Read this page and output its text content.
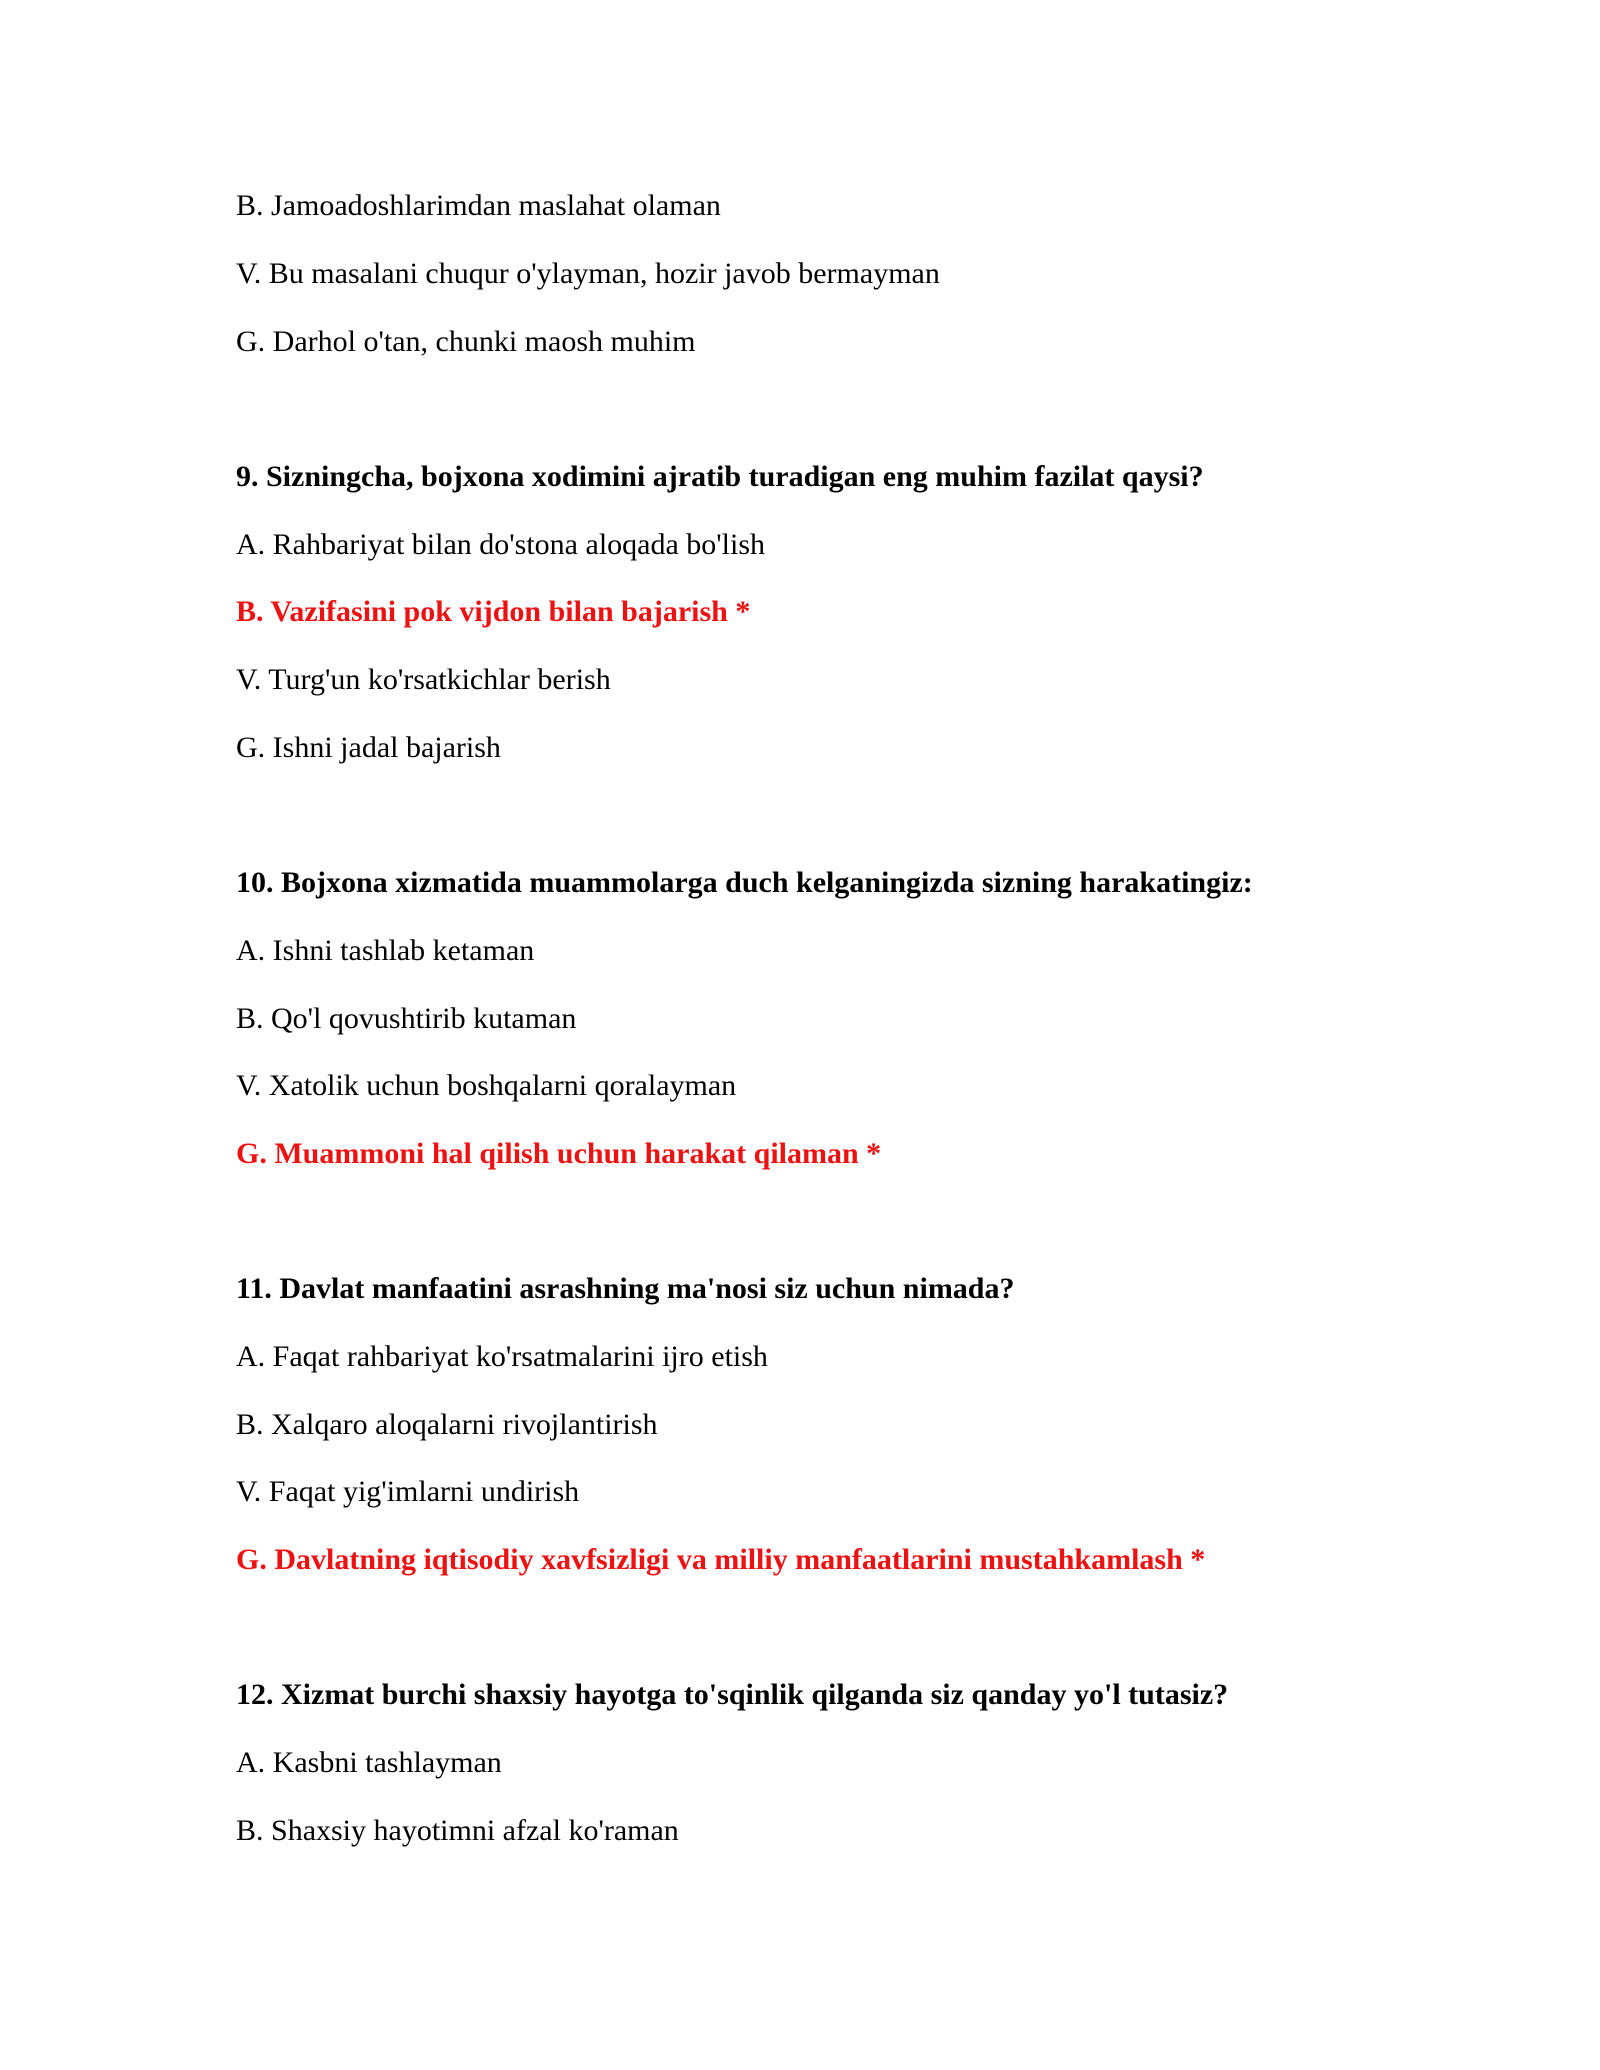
B. Jamoadoshlarimdan maslahat olaman
V. Bu masalani chuqur o'ylayman, hozir javob bermayman
G. Darhol o'tan, chunki maosh muhim
9. Sizningcha, bojxona xodimini ajratib turadigan eng muhim fazilat qaysi?
A. Rahbariyat bilan do'stona aloqada bo'lish
B. Vazifasini pok vijdon bilan bajarish *
V. Turg'un ko'rsatkichlar berish
G. Ishni jadal bajarish
10. Bojxona xizmatida muammolarga duch kelganingizda sizning harakatingiz:
A. Ishni tashlab ketaman
B. Qo'l qovushtirib kutaman
V. Xatolik uchun boshqalarni qoralayman
G. Muammoni hal qilish uchun harakat qilaman *
11. Davlat manfaatini asrashning ma'nosi siz uchun nimada?
A. Faqat rahbariyat ko'rsatmalarini ijro etish
B. Xalqaro aloqalarni rivojlantirish
V. Faqat yig'imlarni undirish
G. Davlatning iqtisodiy xavfsizligi va milliy manfaatlarini mustahkamlash *
12. Xizmat burchi shaxsiy hayotga to'sqinlik qilganda siz qanday yo'l tutasiz?
A. Kasbni tashlayman
B. Shaxsiy hayotimni afzal ko'raman
